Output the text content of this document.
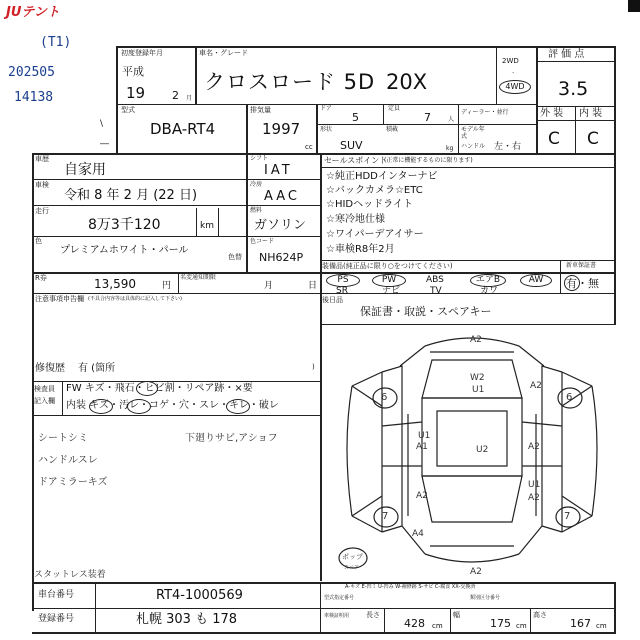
JUテント
(T1)
202505
14138
初度登録年月
平成
19 2 月
車名・グレード
クロスロード 5D 20X
2WD
·
4WD
評 価 点
3.5
型式
DBA-RT4
\
―
排気量
1997
cc
ドア
5
定員
7	人
ディーラー・並行
モデル年式
形状
SUV
積載
kg ハンドル 左・右
外 装 内 装
C C
車歴
自家用
車検
令和 8 年 2 月 (22 日)
走行
8万3千120	km
色
プレミアムホワイト・パール
色替
シフト
IAT
冷房
AAC
燃料
ガソリン
色コード
NH624P
R券	13,590	円
名変通知期限
月	日
セールスポイント
(正常に機能するものに限ります)
☆純正HDDインターナビ
☆バックカメラ☆ETC
☆HIDヘッドライト
☆寒冷地仕様
☆ワイパーデアイサー
☆車検R8年2月
装備品(純正品に限り○をつけてください)	新車保証書
PS	PW	ABS	エアB	AW
SR	ナビ	TV	カワ
有・無
後日品
保証書・取説・スペアキー
注意事項申告欄 (不具合内容等は具体的に記入して下さい)
修復歴 有 (箇所	)
検査員
記入欄
FW キズ・飛石・ヒビ割・リペア跡・×要
内装 キズ・汚レ・コゲ・穴・スレ・キレ・破レ
シートシミ
ハンドルスレ
ドアミラーキズ
下廻りサビ,アショフ
スタットレス装着
A2
W2
U1	A2
6	6
U1
A1	U2	A2
A2
U1
A2
7
A4
7
A2
ポップ
スペア
A-キズ E-凹ミ U-凹み W-補修跡 S-サビ C-腐食 XX-交換済
車台番号	RT4-1000569
登録番号	札幌 303 も 178
型式指定番号	類別区分番号
車検証明用 長さ
428 cm
幅
175 cm
高さ
167 cm
